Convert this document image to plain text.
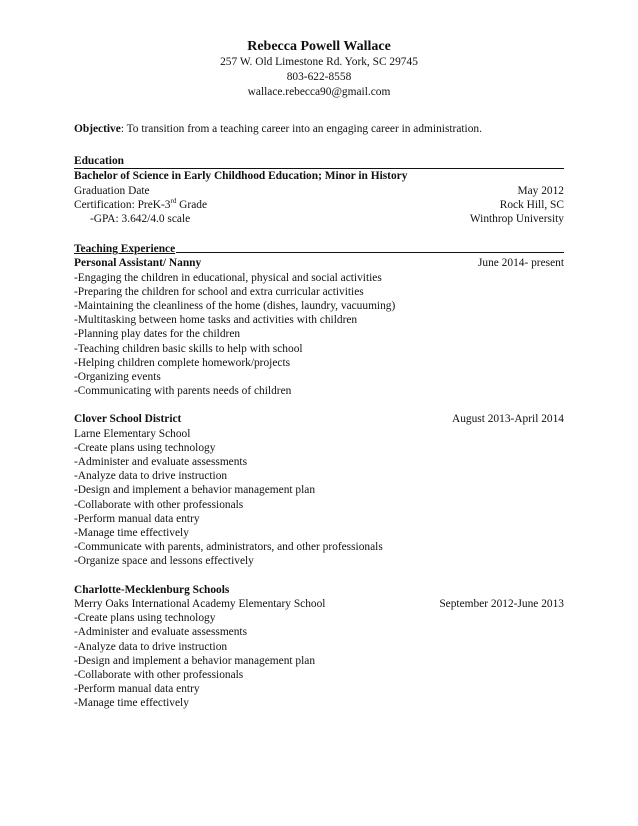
Rebecca Powell Wallace
257 W. Old Limestone Rd. York, SC 29745
803-622-8558
wallace.rebecca90@gmail.com
Objective: To transition from a teaching career into an engaging career in administration.
Education
Bachelor of Science in Early Childhood Education; Minor in History
Graduation Date	May 2012
Certification: PreK-3rd Grade	Rock Hill, SC
-GPA: 3.642/4.0 scale	Winthrop University
Teaching Experience
Personal Assistant/ Nanny	June 2014- present
- Engaging the children in educational, physical and social activities
- Preparing the children for school and extra curricular activities
- Maintaining the cleanliness of the home (dishes, laundry, vacuuming)
- Multitasking between home tasks and activities with children
- Planning play dates for the children
- Teaching children basic skills to help with school
- Helping children complete homework/projects
- Organizing events
- Communicating with parents needs of children
Clover School District	August 2013-April 2014
Larne Elementary School
- Create plans using technology
- Administer and evaluate assessments
- Analyze data to drive instruction
- Design and implement a behavior management plan
- Collaborate with other professionals
- Perform manual data entry
- Manage time effectively
- Communicate with parents, administrators, and other professionals
- Organize space and lessons effectively
Charlotte-Mecklenburg Schools
Merry Oaks International Academy Elementary School	September 2012-June 2013
- Create plans using technology
- Administer and evaluate assessments
- Analyze data to drive instruction
- Design and implement a behavior management plan
- Collaborate with other professionals
- Perform manual data entry
- Manage time effectively
